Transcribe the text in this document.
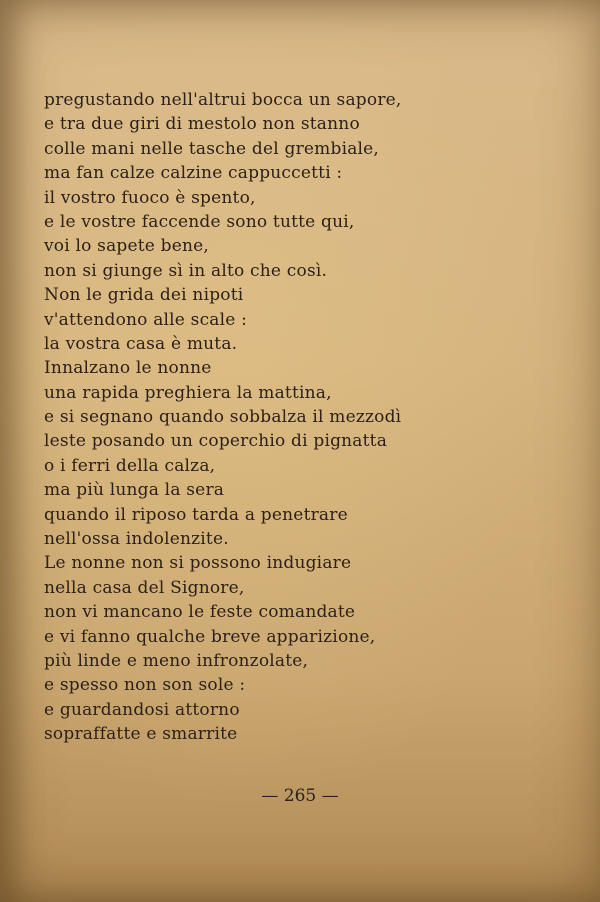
pregustando nell'altrui bocca un sapore,
e tra due giri di mestolo non stanno
colle mani nelle tasche del grembiale,
ma fan calze calzine cappuccetti :
il vostro fuoco è spento,
e le vostre faccende sono tutte qui,
voi lo sapete bene,
non si giunge sì in alto che così.
Non le grida dei nipoti
v'attendono alle scale :
la vostra casa è muta.
Innalzano le nonne
una rapida preghiera la mattina,
e si segnano quando sobbalza il mezzodì
leste posando un coperchio di pignatta
o i ferri della calza,
ma più lunga la sera
quando il riposo tarda a penetrare
nell'ossa indolenzite.
Le nonne non si possono indugiare
nella casa del Signore,
non vi mancano le feste comandate
e vi fanno qualche breve apparizione,
più linde e meno infronzolate,
e spesso non son sole :
e guardandosi attorno
sopraffatte e smarrite
— 265 —
